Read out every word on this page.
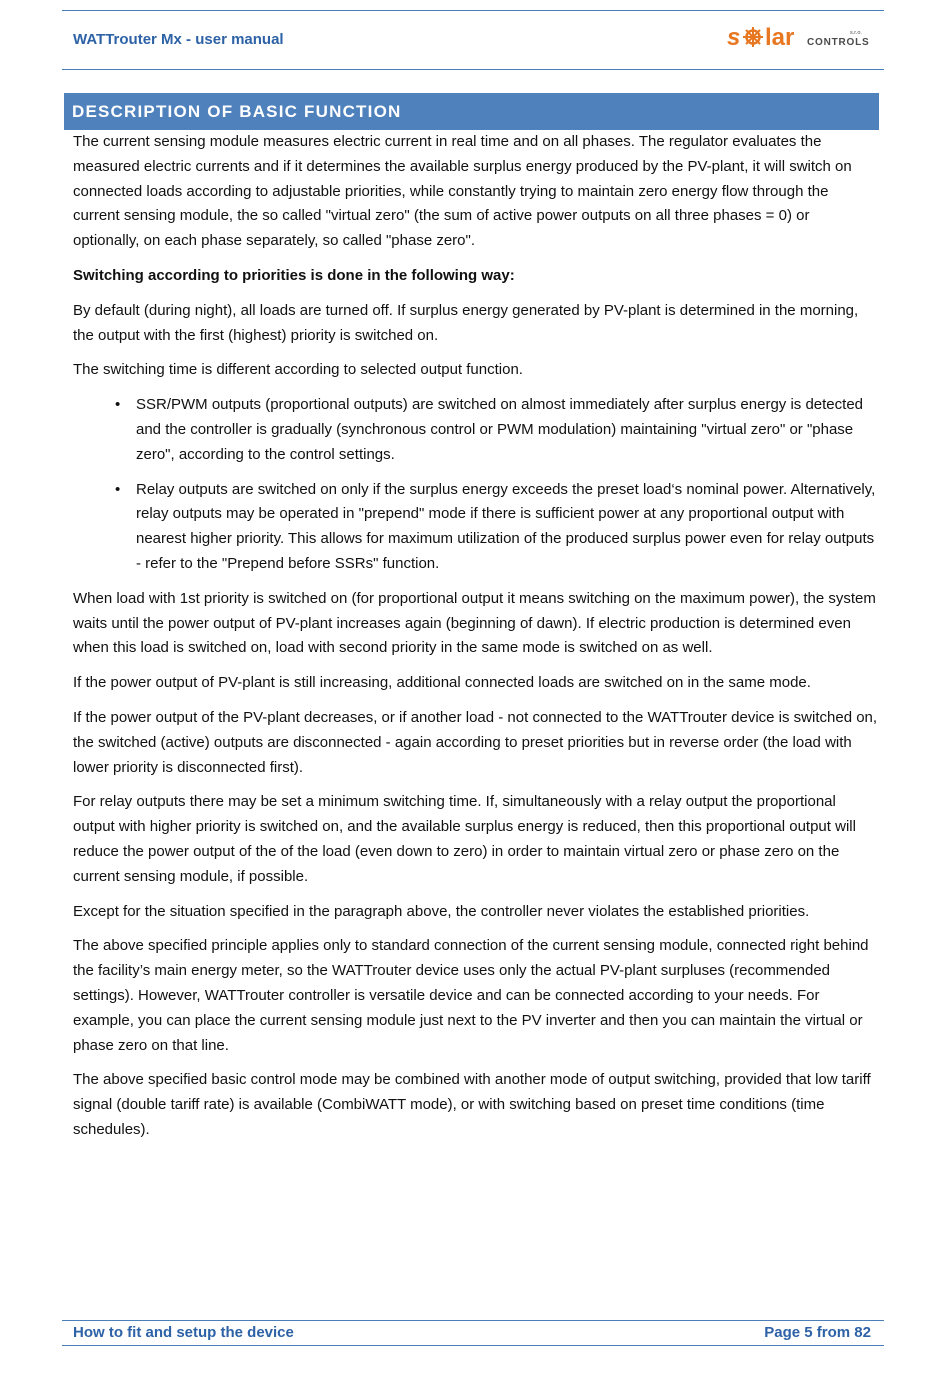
WATTrouter Mx - user manual	s lar CONTROLS
s.r.o.
DESCRIPTION OF BASIC FUNCTION

The current sensing module measures electric current in real time and on all phases. The regulator evaluates the measured electric currents and if it determines the available surplus energy produced by the PV-plant, it will switch on connected loads according to adjustable priorities, while constantly trying to maintain zero energy flow through the current sensing module, the so called "virtual zero" (the sum of active power outputs on all three phases = 0) or optionally, on each phase separately, so called "phase zero".

Switching according to priorities is done in the following way:

By default (during night), all loads are turned off. If surplus energy generated by PV-plant is determined in the morning, the output with the first (highest) priority is switched on.

The switching time is different according to selected output function.

• SSR/PWM outputs (proportional outputs) are switched on almost immediately after surplus energy is detected and the controller is gradually (synchronous control or PWM modulation) maintaining "virtual zero" or "phase zero", according to the control settings.
• Relay outputs are switched on only if the surplus energy exceeds the preset load‘s nominal power. Alternatively, relay outputs may be operated in "prepend" mode if there is sufficient power at any proportional output with nearest higher priority. This allows for maximum utilization of the produced surplus power even for relay outputs - refer to the "Prepend before SSRs" function.

When load with 1st priority is switched on (for proportional output it means switching on the maximum power), the system waits until the power output of PV-plant increases again (beginning of dawn). If electric production is determined even when this load is switched on, load with second priority in the same mode is switched on as well.

If the power output of PV-plant is still increasing, additional connected loads are switched on in the same mode.

If the power output of the PV-plant decreases, or if another load - not connected to the WATTrouter device is switched on, the switched (active) outputs are disconnected - again according to preset priorities but in reverse order (the load with lower priority is disconnected first).

For relay outputs there may be set a minimum switching time. If, simultaneously with a relay output the proportional output with higher priority is switched on, and the available surplus energy is reduced, then this proportional output will reduce the power output of the of the load (even down to zero) in order to maintain virtual zero or phase zero on the current sensing module, if possible.

Except for the situation specified in the paragraph above, the controller never violates the established priorities.

The above specified principle applies only to standard connection of the current sensing module, connected right behind the facility’s main energy meter, so the WATTrouter device uses only the actual PV-plant surpluses (recommended settings). However, WATTrouter controller is versatile device and can be connected according to your needs. For example, you can place the current sensing module just next to the PV inverter and then you can maintain the virtual or phase zero on that line.

The above specified basic control mode may be combined with another mode of output switching, provided that low tariff signal (double tariff rate) is available (CombiWATT mode), or with switching based on preset time conditions (time schedules).

How to fit and setup the device	Page 5 from 82
